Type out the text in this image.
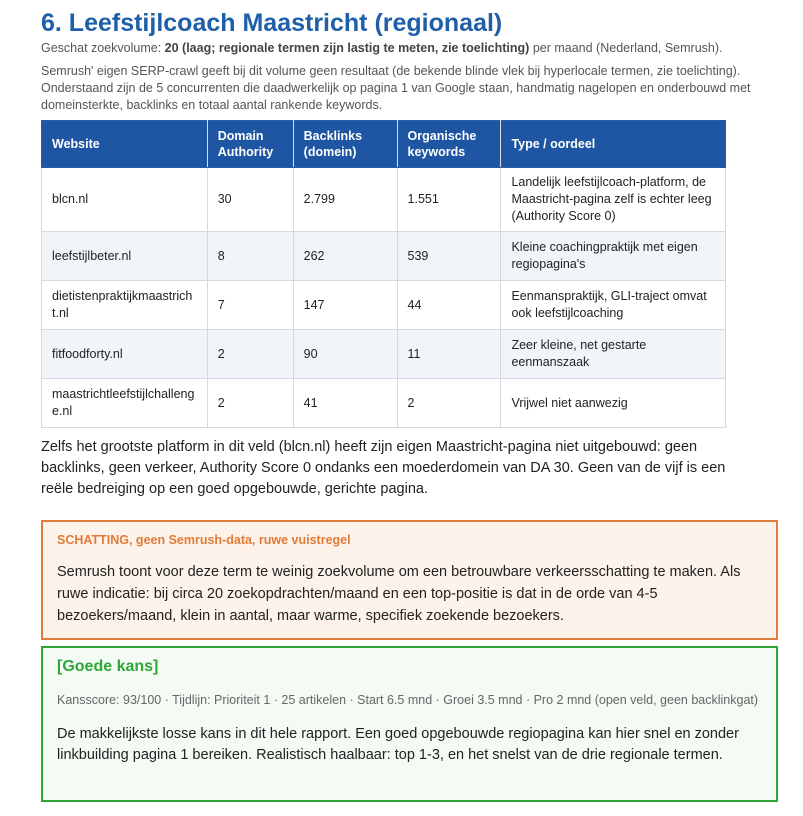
6. Leefstijlcoach Maastricht (regionaal)

Geschat zoekvolume: 20 (laag; regionale termen zijn lastig te meten, zie toelichting) per maand (Nederland, Semrush).

Semrush' eigen SERP-crawl geeft bij dit volume geen resultaat (de bekende blinde vlek bij hyperlocale termen, zie toelichting). Onderstaand zijn de 5 concurrenten die daadwerkelijk op pagina 1 van Google staan, handmatig nagelopen en onderbouwd met domeinsterkte, backlinks en totaal aantal rankende keywords.

Website	Domain Authority	Backlinks (domein)	Organische keywords	Type / oordeel
blcn.nl	30	2.799	1.551	Landelijk leefstijlcoach-platform, de Maastricht-pagina zelf is echter leeg (Authority Score 0)
leefstijlbeter.nl	8	262	539	Kleine coachingpraktijk met eigen regiopagina's
dietistenpraktijkmaastricht.nl	7	147	44	Eenmanspraktijk, GLI-traject omvat ook leefstijlcoaching
fitfoodforty.nl	2	90	11	Zeer kleine, net gestarte eenmanszaak
maastrichtleefstijlchallenge.nl	2	41	2	Vrijwel niet aanwezig

Zelfs het grootste platform in dit veld (blcn.nl) heeft zijn eigen Maastricht-pagina niet uitgebouwd: geen backlinks, geen verkeer, Authority Score 0 ondanks een moederdomein van DA 30. Geen van de vijf is een reële bedreiging op een goed opgebouwde, gerichte pagina.

SCHATTING, geen Semrush-data, ruwe vuistregel
Semrush toont voor deze term te weinig zoekvolume om een betrouwbare verkeersschatting te maken. Als ruwe indicatie: bij circa 20 zoekopdrachten/maand en een top-positie is dat in de orde van 4-5 bezoekers/maand, klein in aantal, maar warme, specifiek zoekende bezoekers.
[Goede kans]
Kansscore: 93/100 · Tijdlijn: Prioriteit 1 · 25 artikelen · Start 6.5 mnd · Groei 3.5 mnd · Pro 2 mnd (open veld, geen backlinkgat)
De makkelijkste losse kans in dit hele rapport. Een goed opgebouwde regiopagina kan hier snel en zonder linkbuilding pagina 1 bereiken. Realistisch haalbaar: top 1-3, en het snelst van de drie regionale termen.
